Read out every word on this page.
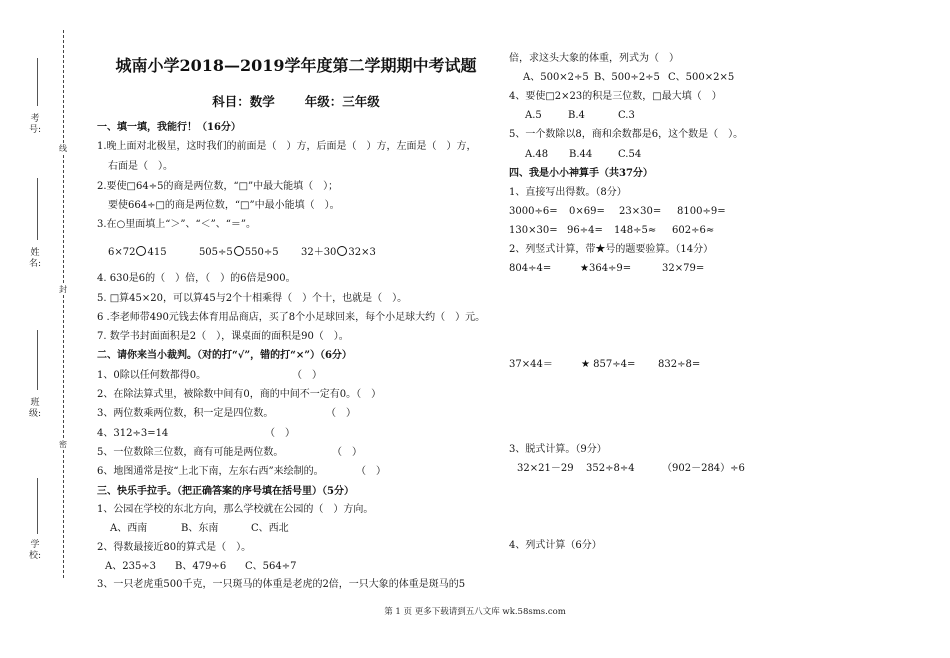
考号:
姓名:
班级:
学校:
线
封
密
城南小学2018—2019学年度第二学期期中考试题
科目：数学 年级：三年级
一、填一填，我能行！（16分）
1.晚上面对北极星，这时我们的前面是（　）方，后面是（　）方，左面是（　）方，
右面是（　）。
2.要使□64÷5的商是两位数，“□”中最大能填（　）；
要使664÷□的商是两位数，“□”中最小能填（　）。
3.在○里面填上“＞”、“＜”、“＝”。
6×72 415	505÷5 550÷5 32＋30 32×3
4. 630是6的（　）倍，（　）的6倍是900。
5. □算45×20，可以算45与2个十相乘得（　）个十，也就是（　）。
6 .李老师带490元钱去体育用品商店，买了8个小足球回来，每个小足球大约（　）元。
7. 数学书封面面积是2（　），课桌面的面积是90（　）。
二、请你来当小裁判。（对的打“√”，错的打“×”）（6分）
1、0除以任何数都得0。	（　）
2、在除法算式里，被除数中间有0，商的中间不一定有0。（　）
3、两位数乘两位数，积一定是四位数。	（　）
4、312÷3=14	（　）
5、一位数除三位数，商有可能是两位数。	（　）
6、地图通常是按“上北下南，左东右西”来绘制的。	（　）
三、快乐手拉手。（把正确答案的序号填在括号里）（5分）
1、公园在学校的东北方向，那么学校就在公园的（　）方向。
A、西南	B、东南	C、西北
2、得数最接近80的算式是（　）。
A、235÷3 B、479÷6 C、564÷7
3、一只老虎重500千克，一只斑马的体重是老虎的2倍，一只大象的体重是斑马的5
倍，求这头大象的体重，列式为（　）
A、500×2÷5 B、500÷2÷5 C、500×2×5
4、要使□2×23的积是三位数，□最大填（　）
A.5	B.4	C.3
5、一个数除以8，商和余数都是6，这个数是（　）。
A.48 B.44	C.54
四、我是小小神算手（共37分）
1、直接写出得数。（8分）
3000÷6= 0×69= 23×30= 8100÷9=
130×30= 96÷4= 148÷5≈ 602÷6≈
2、列竖式计算，带★号的题要验算。（14分）
804÷4=	★364÷9=	32×79=
37×44＝	★ 857÷4= 832÷8=
3、脱式计算。（9分）
32×21－29 352÷8÷4	（902－284）÷6
4、列式计算（6分）
第 1 页 更多下载请到五八文库 wk.58sms.com
